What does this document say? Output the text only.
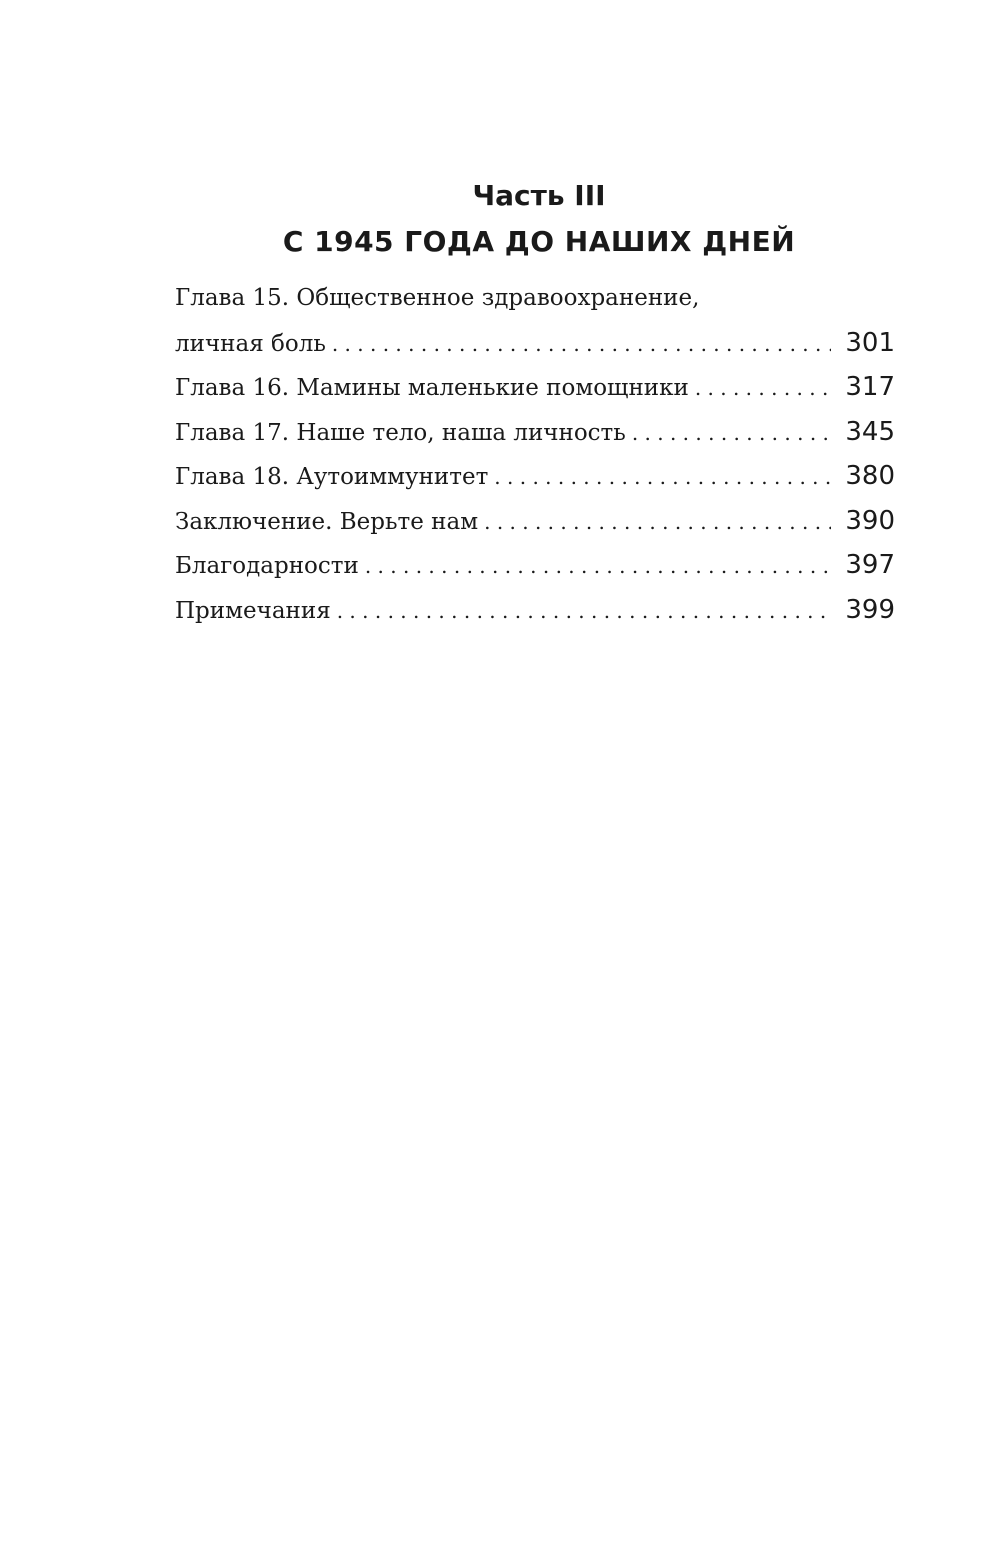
Часть III
С 1945 ГОДА ДО НАШИХ ДНЕЙ
Глава 15. Общественное здравоохранение,
личная боль . . .	301
Глава 16. Мамины маленькие помощники . . .	317
Глава 17. Наше тело, наша личность . . .	345
Глава 18. Аутоиммунитет . . .	380
Заключение. Верьте нам . . .	390
Благодарности . . .	397
Примечания . . .	399
